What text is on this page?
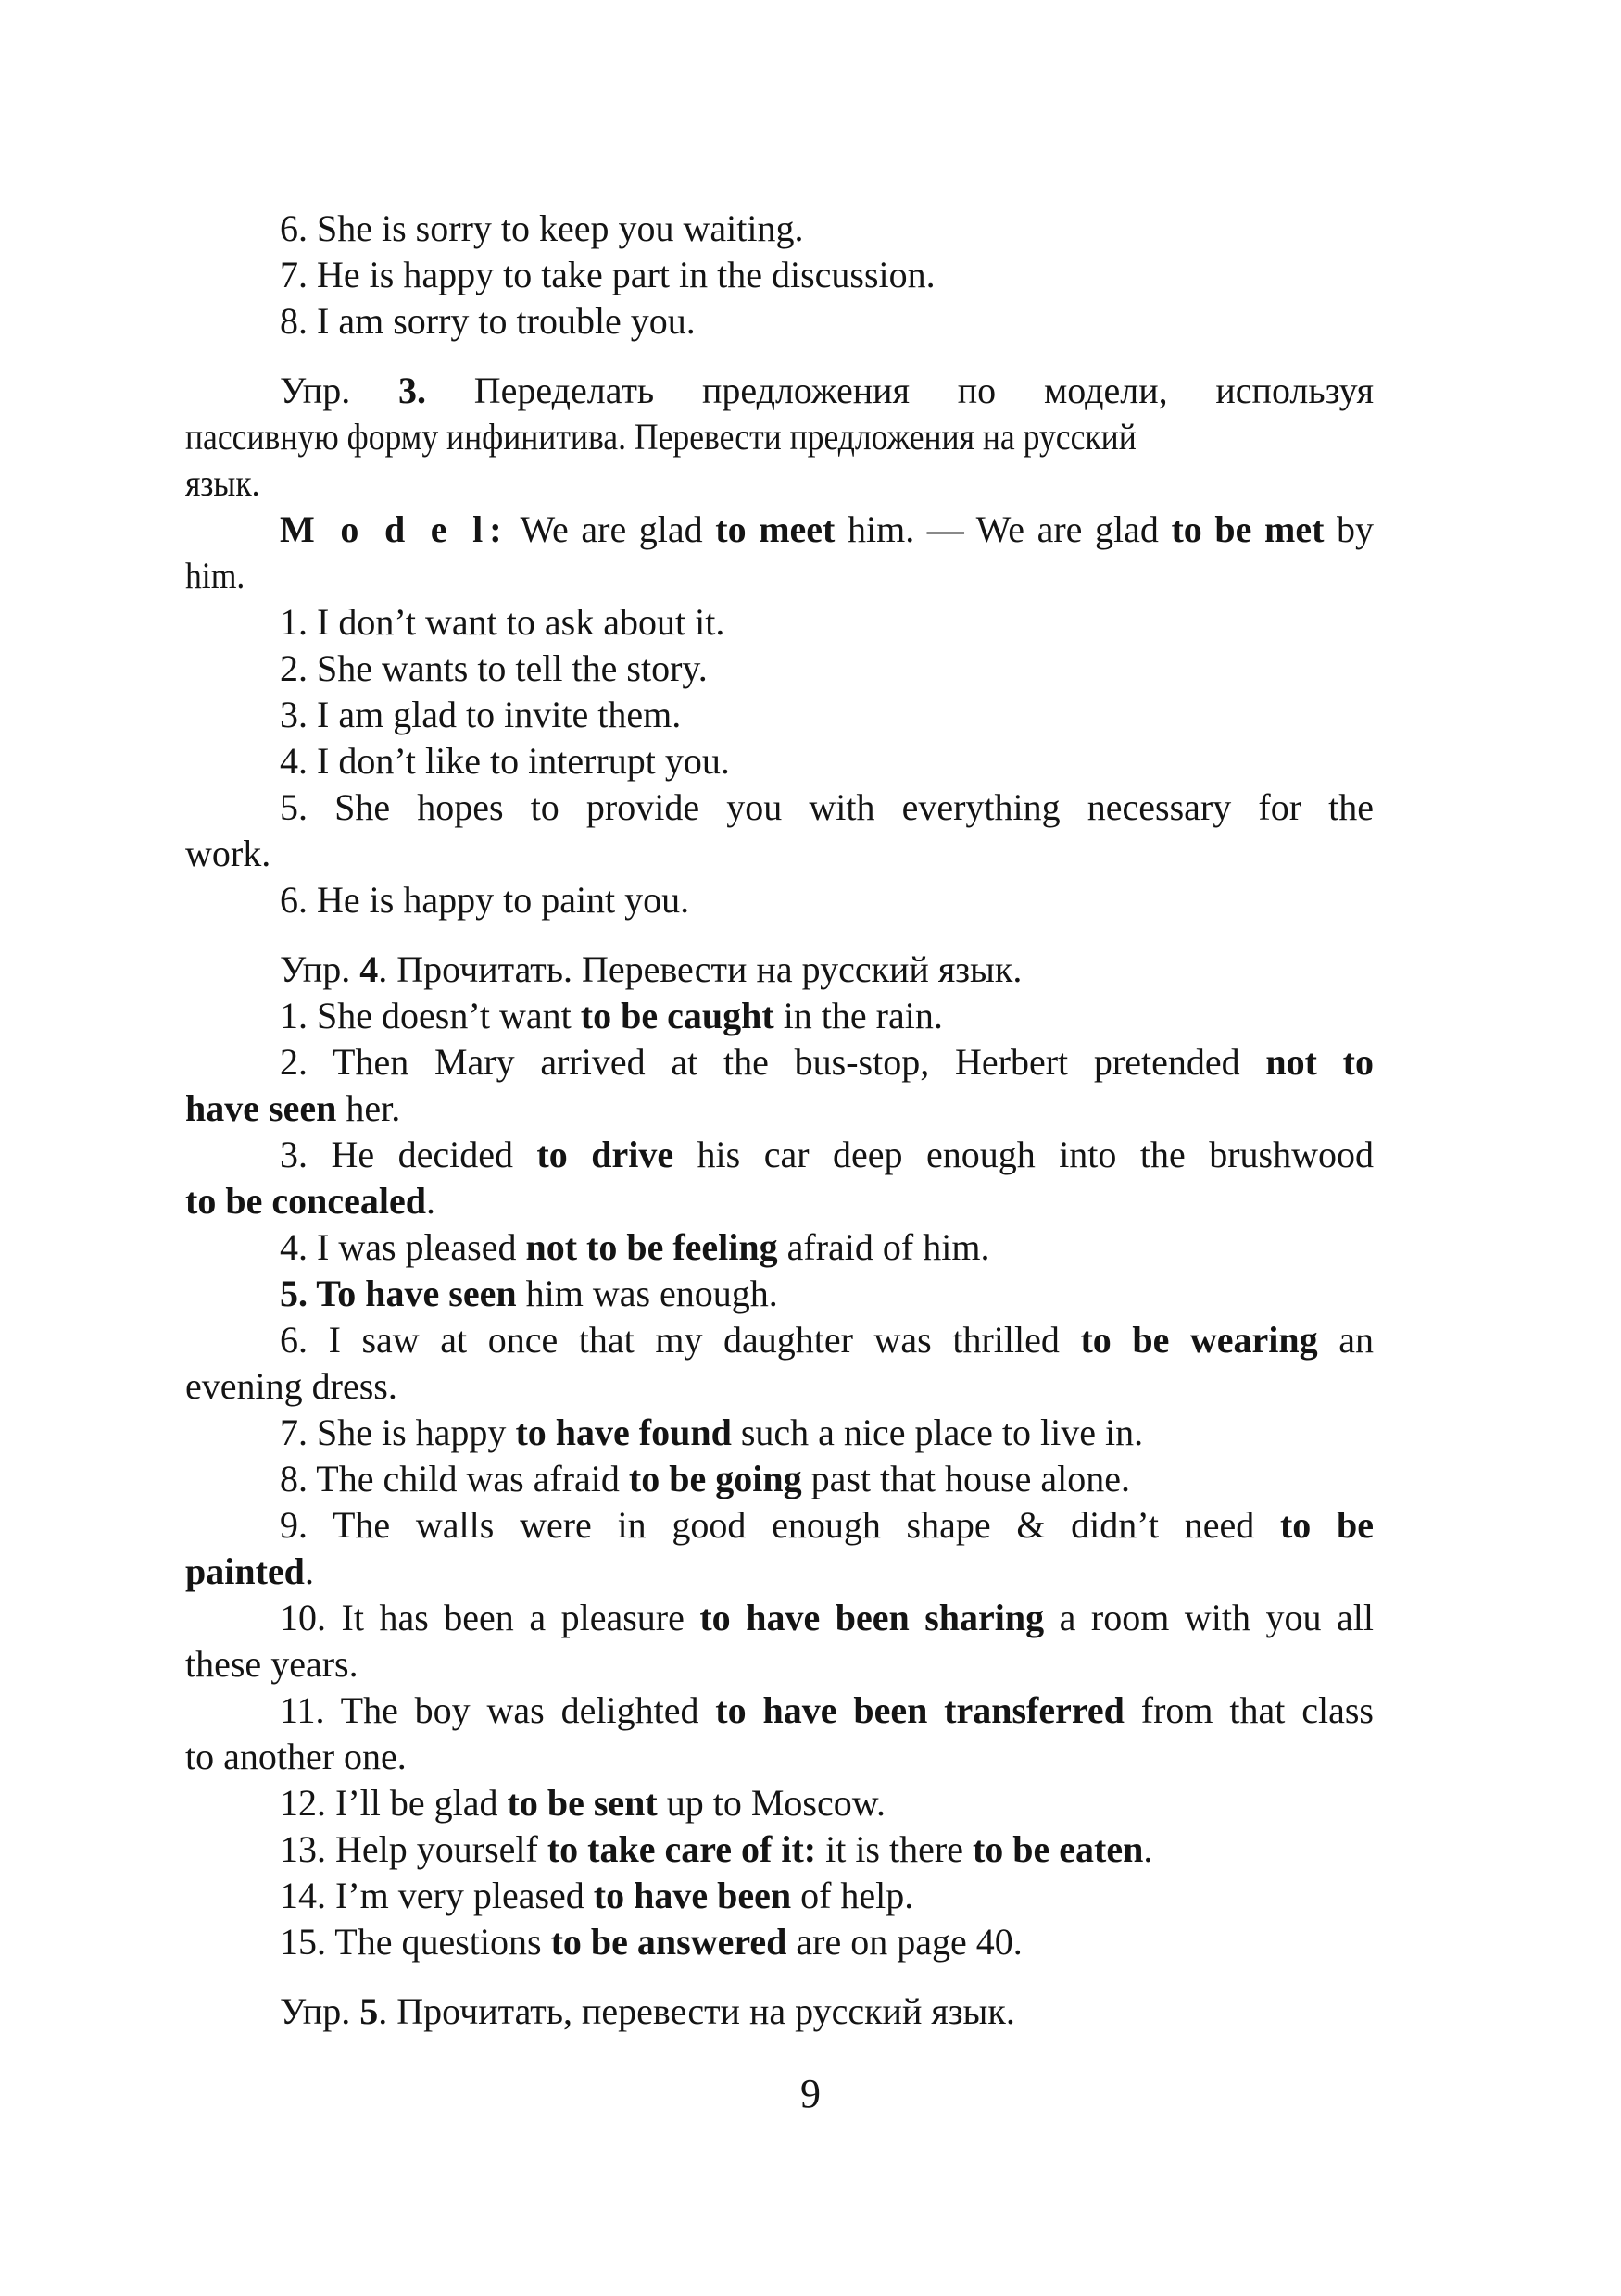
6. She is sorry to keep you waiting.

7. He is happy to take part in the discussion.

8. I am sorry to trouble you.

Упр. 3. Переделать предложения по модели, используя

пассивную форму инфинитива. Перевести предложения на русский

язык.

M o d e l: We are glad to meet him. — We are glad to be met by

him.

1. I don’t want to ask about it.

2. She wants to tell the story.

3. I am glad to invite them.

4. I don’t like to interrupt you.

5. She hopes to provide you with everything necessary for the

work.

6. He is happy to paint you.

Упр. 4. Прочитать. Перевести на русский язык.

1. She doesn’t want to be caught in the rain.

2. Then Mary arrived at the bus-stop, Herbert pretended not to

have seen her.

3. He decided to drive his car deep enough into the brushwood

to be concealed.

4. I was pleased not to be feeling afraid of him.

5. To have seen him was enough.

6. I saw at once that my daughter was thrilled to be wearing an

evening dress.

7. She is happy to have found such a nice place to live in.

8. The child was afraid to be going past that house alone.

9. The walls were in good enough shape & didn’t need to be

painted.

10. It has been a pleasure to have been sharing a room with you all

these years.

11. The boy was delighted to have been transferred from that class

to another one.

12. I’ll be glad to be sent up to Moscow.

13. Help yourself to take care of it: it is there to be eaten.

14. I’m very pleased to have been of help.

15. The questions to be answered are on page 40.

Упр. 5. Прочитать, перевести на русский язык.

9
